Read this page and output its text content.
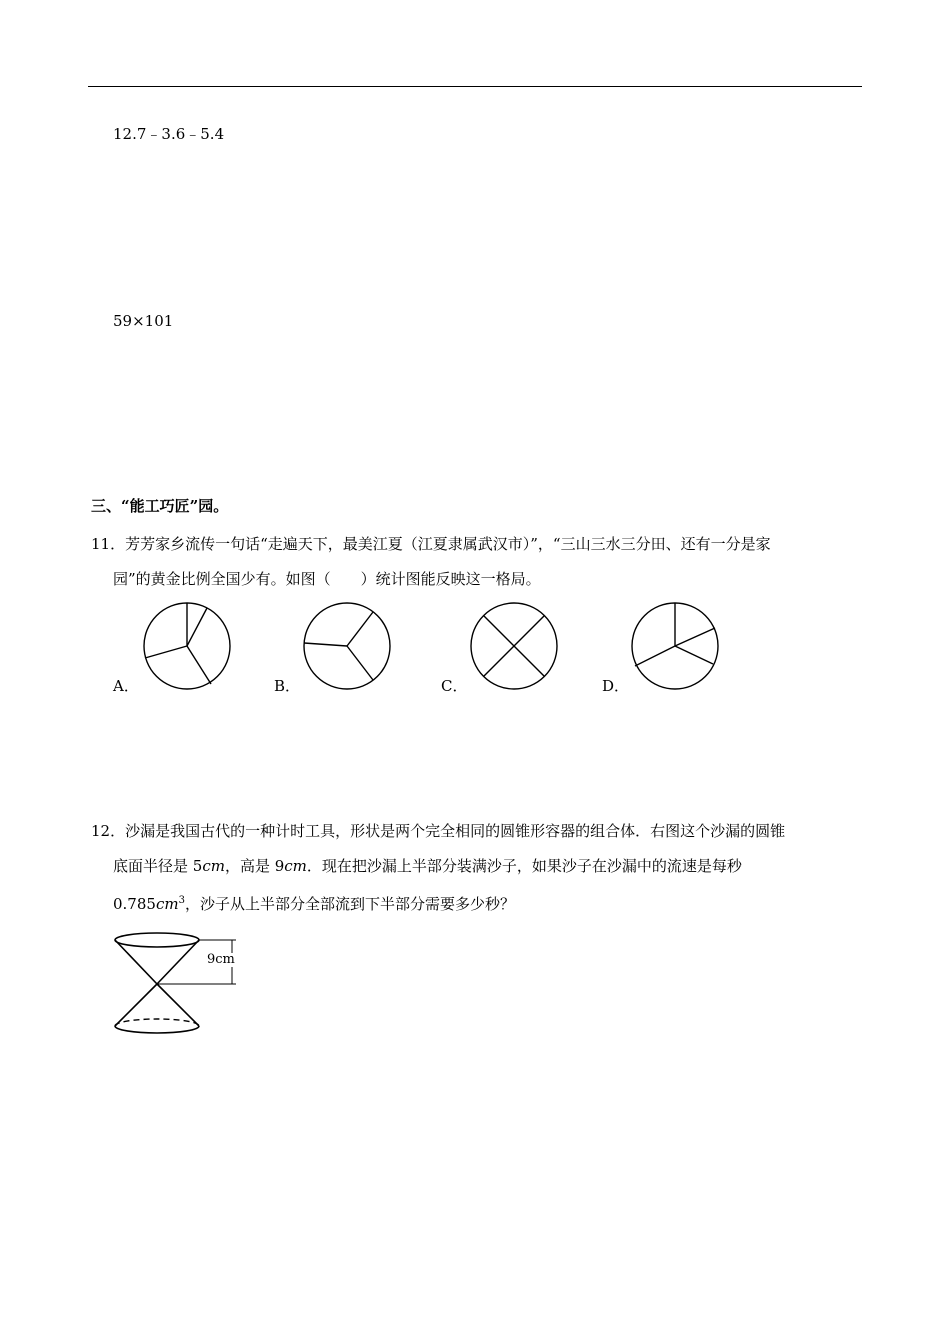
12.7﹣3.6﹣5.4
59×101
三、“能工巧匠”园。
11．芳芳家乡流传一句话“走遍天下，最美江夏（江夏隶属武汉市）”，“三山三水三分田、还有一分是家
园”的黄金比例全国少有。如图（　　）统计图能反映这一格局。
A．	B．	C．	D．
12．沙漏是我国古代的一种计时工具，形状是两个完全相同的圆锥形容器的组合体．右图这个沙漏的圆锥
底面半径是 5cm，高是 9cm．现在把沙漏上半部分装满沙子，如果沙子在沙漏中的流速是每秒
$0.785cm^3$，沙子从上半部分全部流到下半部分需要多少秒？
9cm
